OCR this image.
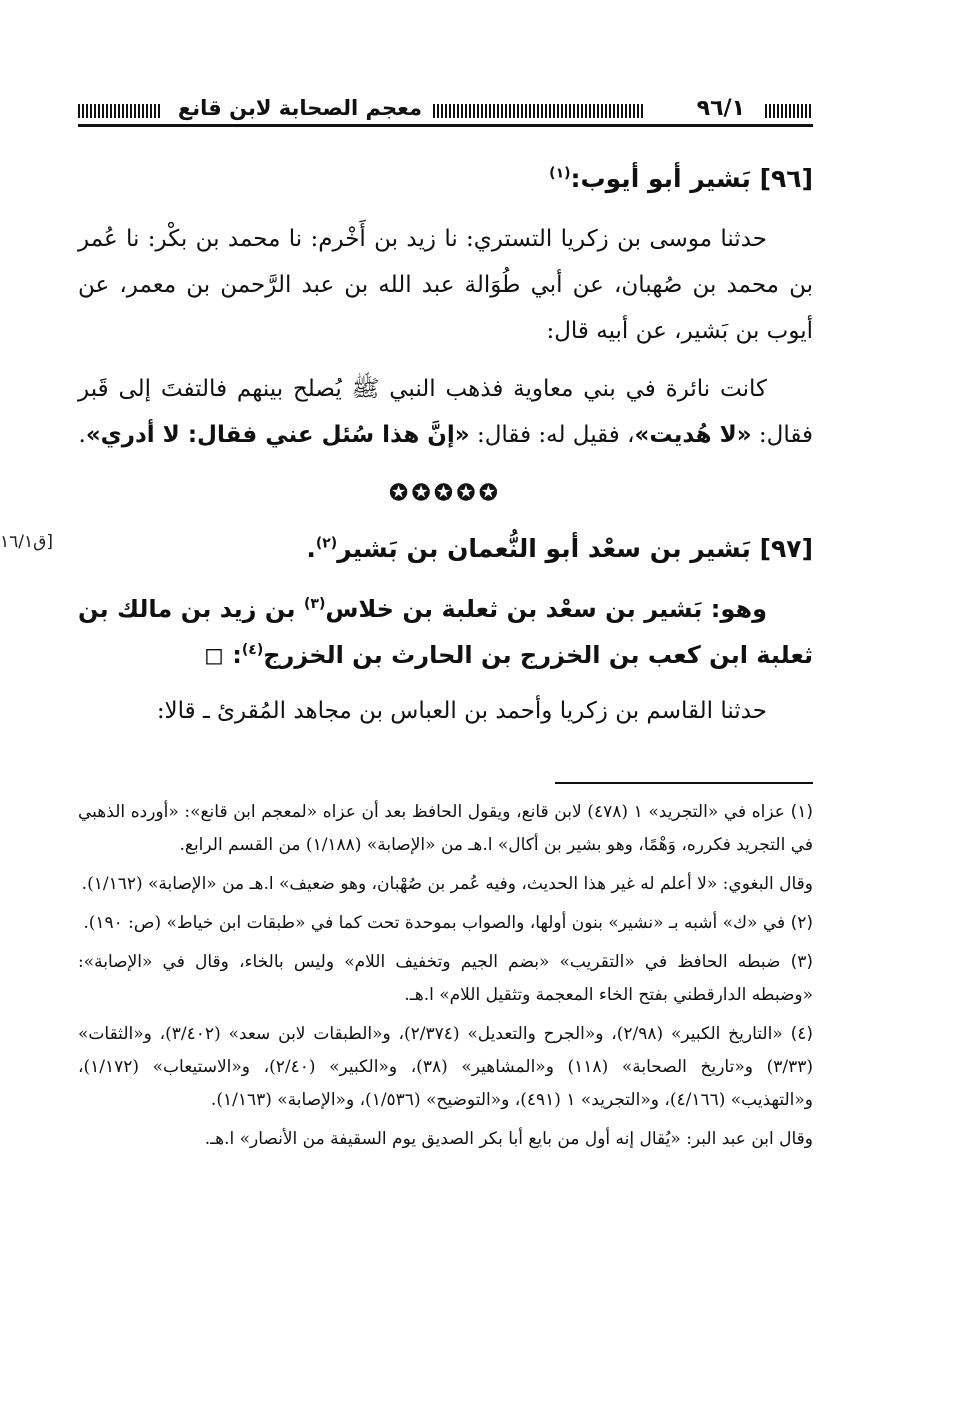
٩٦/١
معجم الصحابة لابن قانع
[٩٦] بَشير أبو أيوب:$^{(١)}$

حدثنا موسى بن زكريا التستري: نا زيد بن أَخْرم: نا محمد بن بكْر: نا عُمر بن محمد بن صُهبان، عن أبي طُوَالة عبد الله بن عبد الرَّحمن بن معمر، عن أيوب بن بَشير، عن أبيه قال:

كانت نائرة في بني معاوية فذهب النبي ﷺ يُصلح بينهم فالتفتَ إلى قَبر فقال: «لا هُديت»، فقيل له: فقال: «إنَّ هذا سُئل عني فقال: لا أدري».

✪✪✪✪✪
[٩٧] بَشير بن سعْد أبو النُّعمان بن بَشير$^{(٢)}$.

وهو: بَشير بن سعْد بن ثعلبة بن خلاس$^{(٣)}$ بن زيد بن مالك بن ثعلبة ابن كعب بن الخزرج بن الحارث بن الخزرج$^{(٤)}$: ◻

حدثنا القاسم بن زكريا وأحمد بن العباس بن مجاهد المُقرئ ـ قالا:

ق١٦/١]

(١) عزاه في «التجريد» ١ (٤٧٨) لابن قانع، ويقول الحافظ بعد أن عزاه «لمعجم ابن قانع»: «أورده الذهبي في التجريد فكرره، وَهْمًا، وهو بشير بن أكال» ا.هـ من «الإصابة» (١/١٨٨) من القسم الرابع.

وقال البغوي: «لا أعلم له غير هذا الحديث، وفيه عُمر بن صُهْبان، وهو ضعيف» ا.هـ من «الإصابة» (١/١٦٢).

(٢) في «ك» أشبه بـ «نشير» بنون أولها، والصواب بموحدة تحت كما في «طبقات ابن خياط» (ص: ١٩٠).

(٣) ضبطه الحافظ في «التقريب» «بضم الجيم وتخفيف اللام» وليس بالخاء، وقال في «الإصابة»: «وضبطه الدارقطني بفتح الخاء المعجمة وتثقيل اللام» ا.هـ.

(٤) «التاريخ الكبير» (٢/٩٨)، و«الجرح والتعديل» (٢/٣٧٤)، و«الطبقات لابن سعد» (٣/٤٠٢)، و«الثقات» (٣/٣٣) و«تاريخ الصحابة» (١١٨) و«المشاهير» (٣٨)، و«الكبير» (٢/٤٠)، و«الاستيعاب» (١/١٧٢)، و«التهذيب» (٤/١٦٦)، و«التجريد» ١ (٤٩١)، و«التوضيح» (١/٥٣٦)، و«الإصابة» (١/١٦٣).

وقال ابن عبد البر: «يُقال إنه أول من بايع أبا بكر الصديق يوم السقيفة من الأنصار» ا.هـ.
